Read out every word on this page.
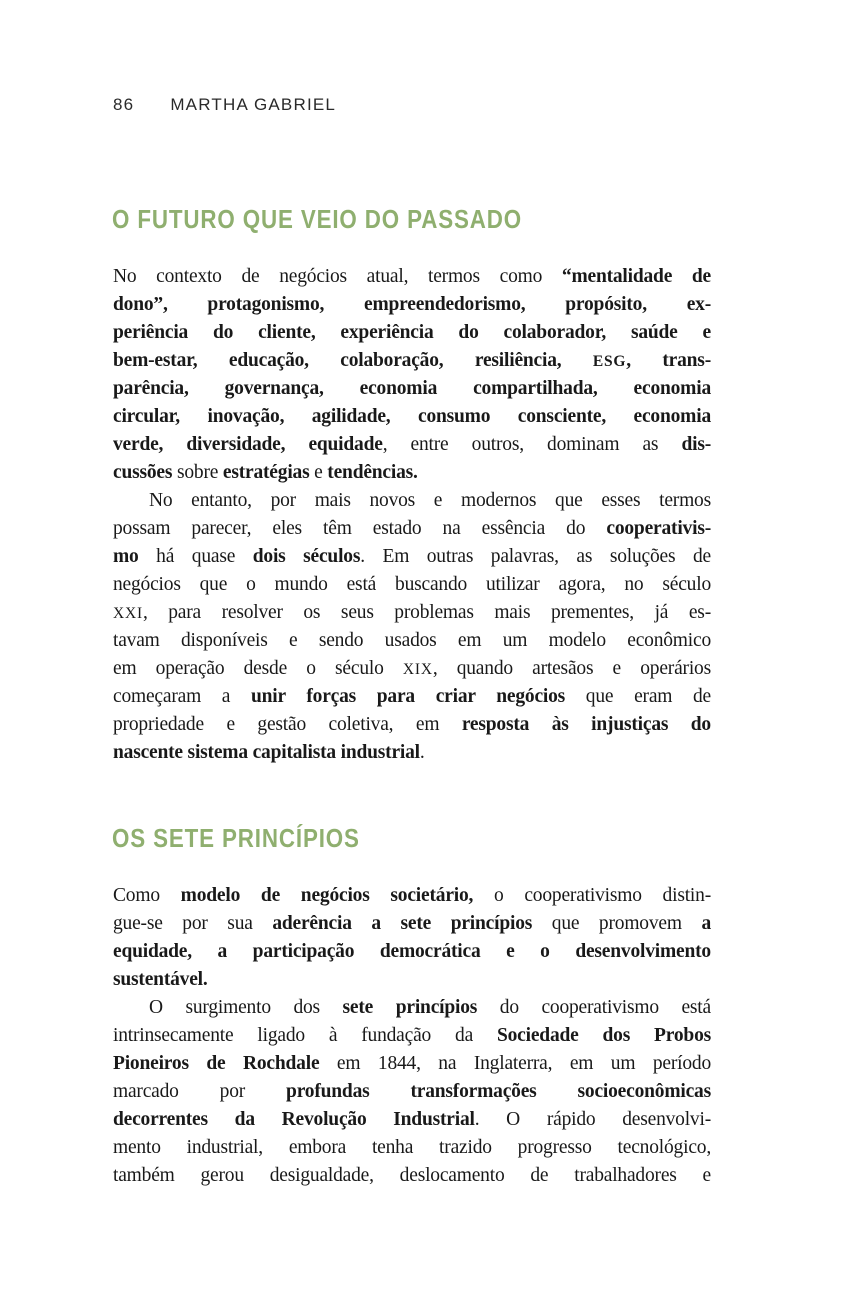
86 MARTHA GABRIEL
O FUTURO QUE VEIO DO PASSADO
No contexto de negócios atual, termos como “mentalidade de
dono”, protagonismo, empreendedorismo, propósito, ex-
periência do cliente, experiência do colaborador, saúde e
bem-estar, educação, colaboração, resiliência, ESG, trans-
parência, governança, economia compartilhada, economia
circular, inovação, agilidade, consumo consciente, economia
verde, diversidade, equidade, entre outros, dominam as dis-
cussões sobre estratégias e tendências.
No entanto, por mais novos e modernos que esses termos
possam parecer, eles têm estado na essência do cooperativis-
mo há quase dois séculos. Em outras palavras, as soluções de
negócios que o mundo está buscando utilizar agora, no século
XXI, para resolver os seus problemas mais prementes, já es-
tavam disponíveis e sendo usados em um modelo econômico
em operação desde o século XIX, quando artesãos e operários
começaram a unir forças para criar negócios que eram de
propriedade e gestão coletiva, em resposta às injustiças do
nascente sistema capitalista industrial.
OS SETE PRINCÍPIOS
Como modelo de negócios societário, o cooperativismo distin-
gue-se por sua aderência a sete princípios que promovem a
equidade, a participação democrática e o desenvolvimento
sustentável.
O surgimento dos sete princípios do cooperativismo está
intrinsecamente ligado à fundação da Sociedade dos Probos
Pioneiros de Rochdale em 1844, na Inglaterra, em um período
marcado por profundas transformações socioeconômicas
decorrentes da Revolução Industrial. O rápido desenvolvi-
mento industrial, embora tenha trazido progresso tecnológico,
também gerou desigualdade, deslocamento de trabalhadores e
